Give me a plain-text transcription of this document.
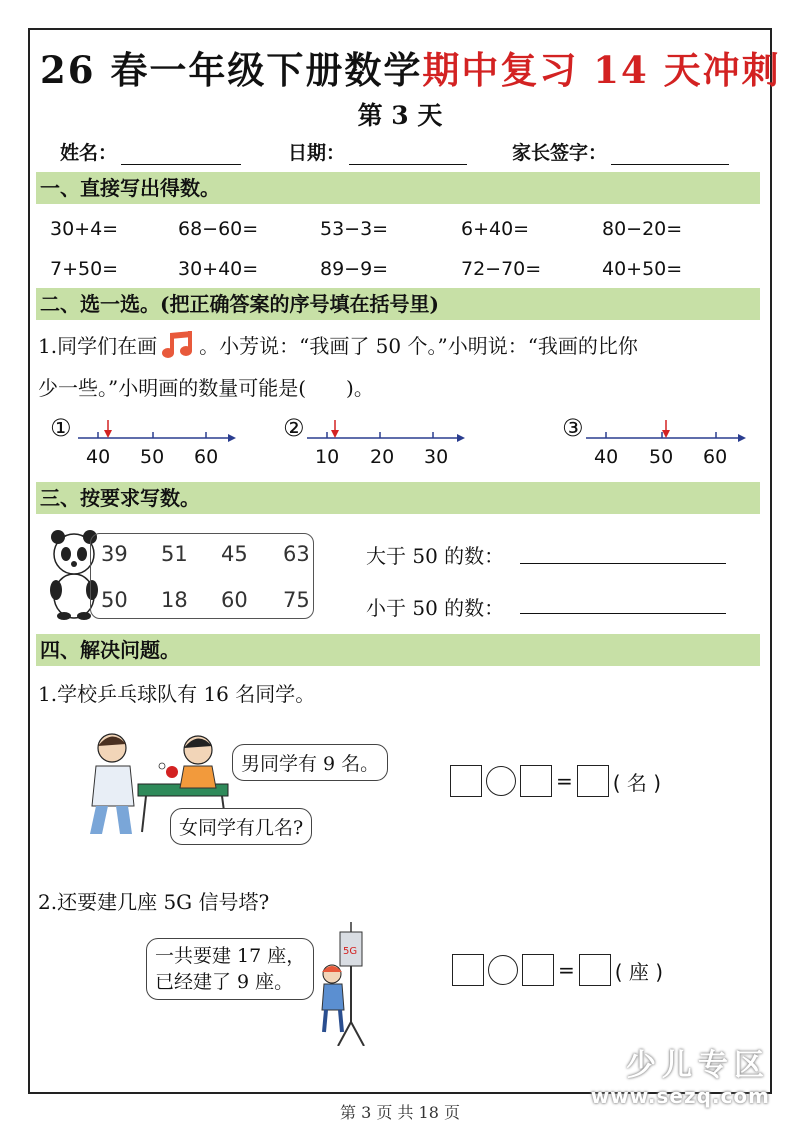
26 春一年级下册数学期中复习 14 天冲刺
第 3 天
姓名：	日期：	家长签字：
一、直接写出得数。
30+4=	68−60=	53−3=	6+40=	80−20=
7+50=	30+40=	89−9=	72−70=	40+50=
二、选一选。(把正确答案的序号填在括号里)
1.同学们在画 。小芳说：“我画了 50 个。”小明说：“我画的比你
少一些。”小明画的数量可能是(　　)。
①
40 50 60
②
10 20 30
③
40 50 60
三、按要求写数。
39 51 45 63
50 18 60 75
大于 50 的数：
小于 50 的数：
四、解决问题。
1.学校乒乓球队有 16 名同学。
男同学有 9 名。
女同学有几名?
= ( 名 )
2.还要建几座 5G 信号塔?
一共要建 17 座，
已经建了 9 座。
5G
= ( 座 )
少儿专区
www.sezq.com
第 3 页 共 18 页
